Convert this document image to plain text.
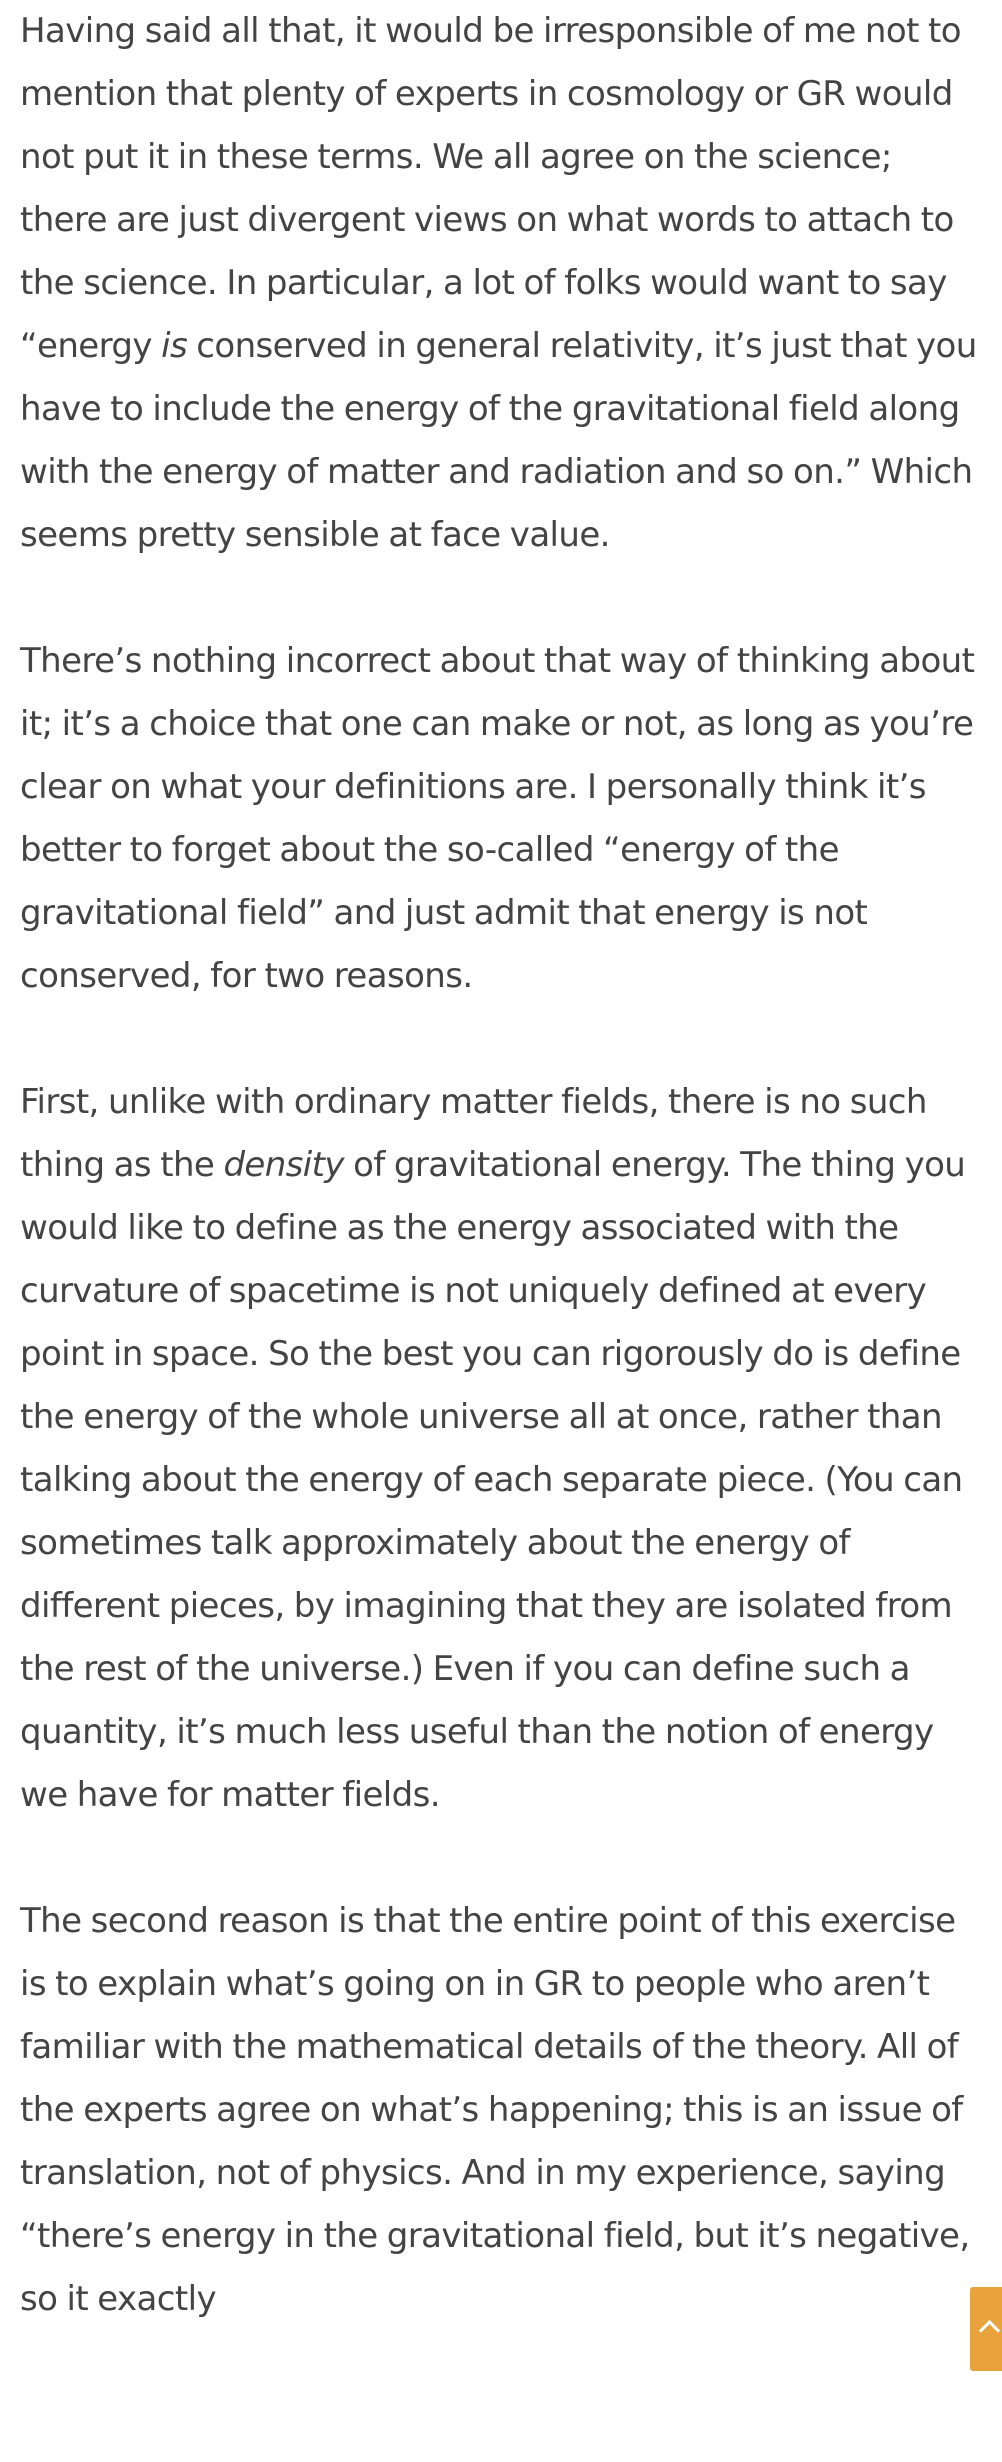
Having said all that, it would be irresponsible of me not to mention that plenty of experts in cosmology or GR would not put it in these terms. We all agree on the science; there are just divergent views on what words to attach to the science. In particular, a lot of folks would want to say “energy is conserved in general relativity, it’s just that you have to include the energy of the gravitational field along with the energy of matter and radiation and so on.” Which seems pretty sensible at face value.

There’s nothing incorrect about that way of thinking about it; it’s a choice that one can make or not, as long as you’re clear on what your definitions are. I personally think it’s better to forget about the so-called “energy of the gravitational field” and just admit that energy is not conserved, for two reasons.

First, unlike with ordinary matter fields, there is no such thing as the density of gravitational energy. The thing you would like to define as the energy associated with the curvature of spacetime is not uniquely defined at every point in space. So the best you can rigorously do is define the energy of the whole universe all at once, rather than talking about the energy of each separate piece. (You can sometimes talk approximately about the energy of different pieces, by imagining that they are isolated from the rest of the universe.) Even if you can define such a quantity, it’s much less useful than the notion of energy we have for matter fields.

The second reason is that the entire point of this exercise is to explain what’s going on in GR to people who aren’t familiar with the mathematical details of the theory. All of the experts agree on what’s happening; this is an issue of translation, not of physics. And in my experience, saying “there’s energy in the gravitational field, but it’s negative, so it exactly
